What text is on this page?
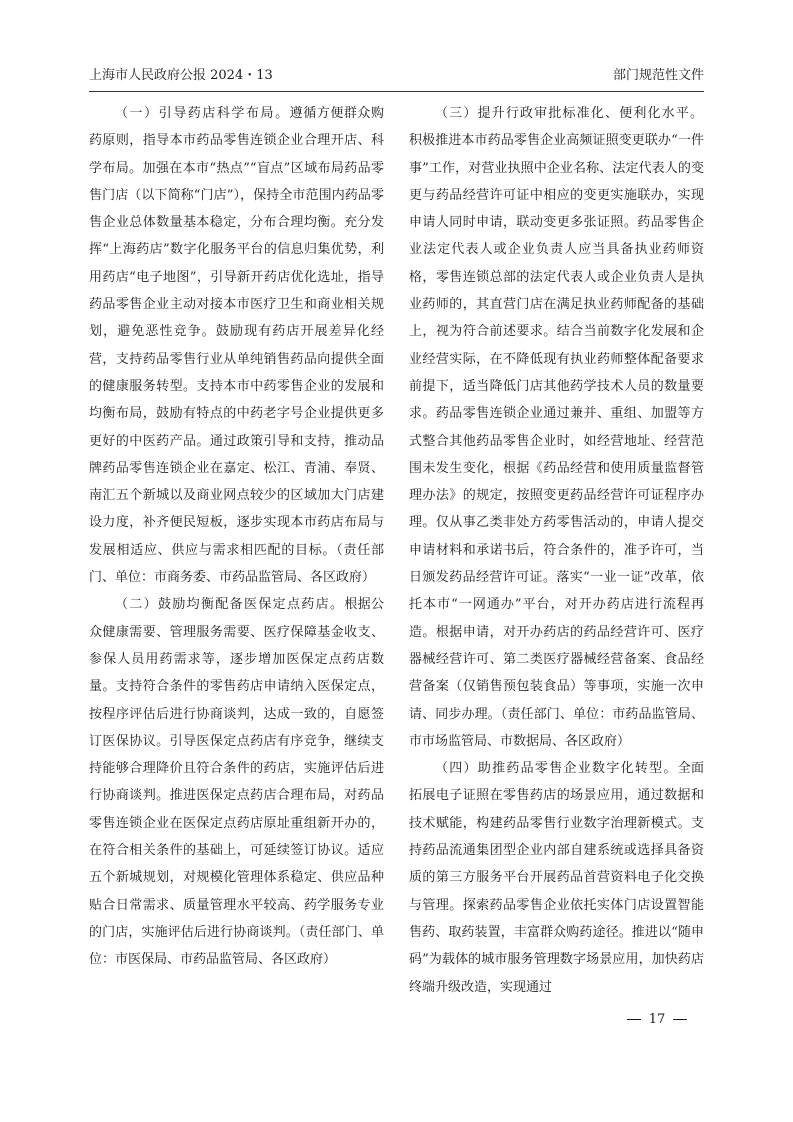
上海市人民政府公报 2024・13	部门规范性文件

（一）引导药店科学布局。遵循方便群众购药原则，指导本市药品零售连锁企业合理开店、科学布局。加强在本市“热点”“盲点”区域布局药品零售门店（以下简称“门店”），保持全市范围内药品零售企业总体数量基本稳定，分布合理均衡。充分发挥“上海药店”数字化服务平台的信息归集优势，利用药店“电子地图”，引导新开药店优化选址，指导药品零售企业主动对接本市医疗卫生和商业相关规划，避免恶性竞争。鼓励现有药店开展差异化经营，支持药品零售行业从单纯销售药品向提供全面的健康服务转型。支持本市中药零售企业的发展和均衡布局，鼓励有特点的中药老字号企业提供更多更好的中医药产品。通过政策引导和支持，推动品牌药品零售连锁企业在嘉定、松江、青浦、奉贤、南汇五个新城以及商业网点较少的区域加大门店建设力度，补齐便民短板，逐步实现本市药店布局与发展相适应、供应与需求相匹配的目标。（责任部门、单位：市商务委、市药品监管局、各区政府）

（二）鼓励均衡配备医保定点药店。根据公众健康需要、管理服务需要、医疗保障基金收支、参保人员用药需求等，逐步增加医保定点药店数量。支持符合条件的零售药店申请纳入医保定点，按程序评估后进行协商谈判，达成一致的，自愿签订医保协议。引导医保定点药店有序竞争，继续支持能够合理降价且符合条件的药店，实施评估后进行协商谈判。推进医保定点药店合理布局，对药品零售连锁企业在医保定点药店原址重组新开办的，在符合相关条件的基础上，可延续签订协议。适应五个新城规划，对规模化管理体系稳定、供应品种贴合日常需求、质量管理水平较高、药学服务专业的门店，实施评估后进行协商谈判。（责任部门、单位：市医保局、市药品监管局、各区政府）

（三）提升行政审批标准化、便利化水平。积极推进本市药品零售企业高频证照变更联办“一件事”工作，对营业执照中企业名称、法定代表人的变更与药品经营许可证中相应的变更实施联办，实现申请人同时申请，联动变更多张证照。药品零售企业法定代表人或企业负责人应当具备执业药师资格，零售连锁总部的法定代表人或企业负责人是执业药师的，其直营门店在满足执业药师配备的基础上，视为符合前述要求。结合当前数字化发展和企业经营实际，在不降低现有执业药师整体配备要求前提下，适当降低门店其他药学技术人员的数量要求。药品零售连锁企业通过兼并、重组、加盟等方式整合其他药品零售企业时，如经营地址、经营范围未发生变化，根据《药品经营和使用质量监督管理办法》的规定，按照变更药品经营许可证程序办理。仅从事乙类非处方药零售活动的，申请人提交申请材料和承诺书后，符合条件的，准予许可，当日颁发药品经营许可证。落实“一业一证”改革，依托本市“一网通办”平台，对开办药店进行流程再造。根据申请，对开办药店的药品经营许可、医疗器械经营许可、第二类医疗器械经营备案、食品经营备案（仅销售预包装食品）等事项，实施一次申请、同步办理。（责任部门、单位：市药品监管局、市市场监管局、市数据局、各区政府）

（四）助推药品零售企业数字化转型。全面拓展电子证照在零售药店的场景应用，通过数据和技术赋能，构建药品零售行业数字治理新模式。支持药品流通集团型企业内部自建系统或选择具备资质的第三方服务平台开展药品首营资料电子化交换与管理。探索药品零售企业依托实体门店设置智能售药、取药装置，丰富群众购药途径。推进以“随申码”为载体的城市服务管理数字场景应用，加快药店终端升级改造，实现通过

17
